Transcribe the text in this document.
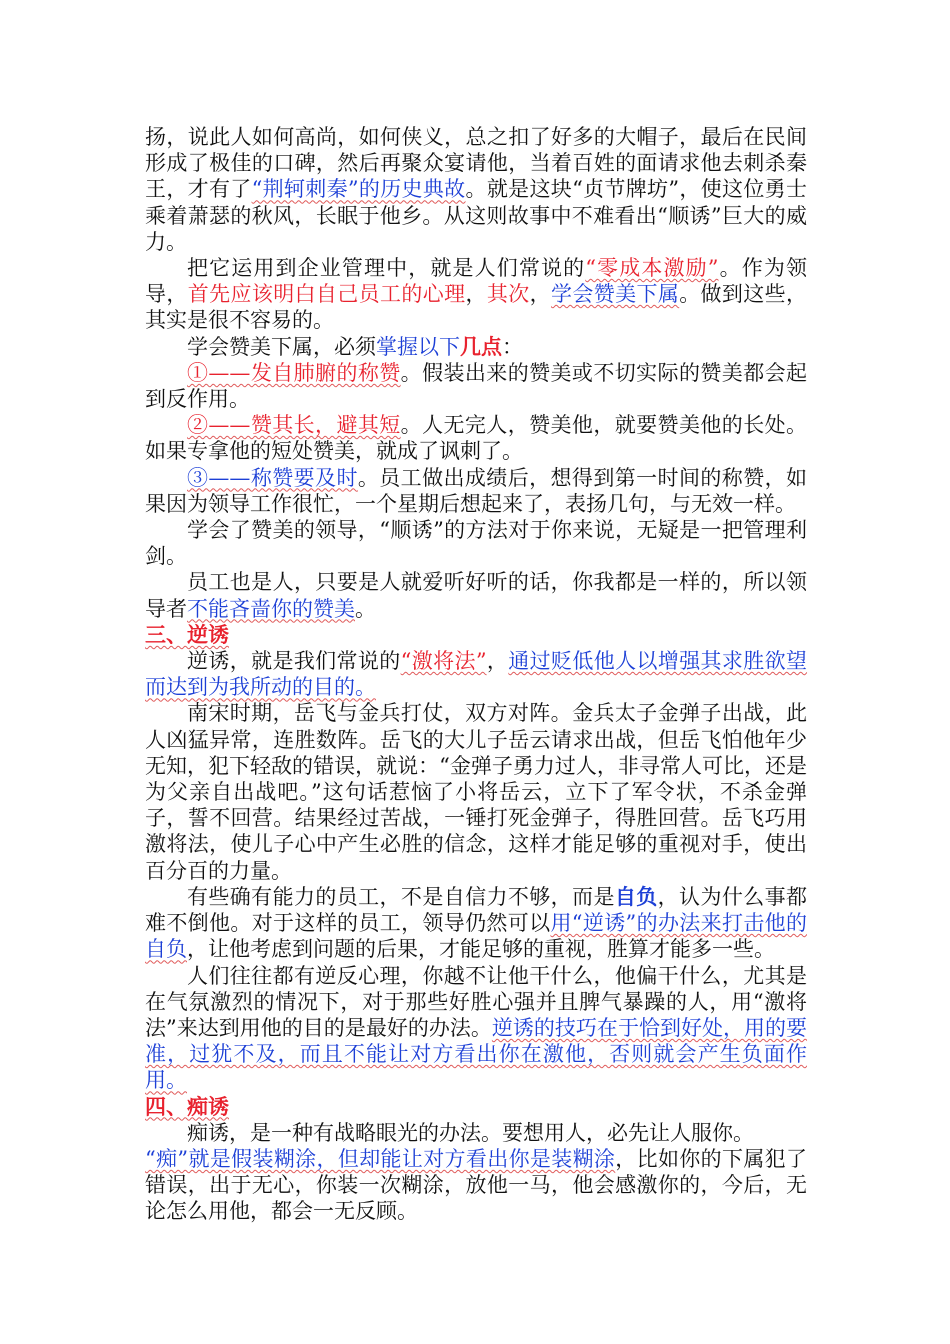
扬，说此人如何高尚，如何侠义，总之扣了好多的大帽子，最后在民间形成了极佳的口碑，然后再聚众宴请他，当着百姓的面请求他去刺杀秦王，才有了“荆轲刺秦”的历史典故。就是这块“贞节牌坊”，使这位勇士乘着萧瑟的秋风，长眠于他乡。从这则故事中不难看出“顺诱”巨大的威力。

把它运用到企业管理中，就是人们常说的“零成本激励”。作为领导，首先应该明白自己员工的心理，其次，学会赞美下属。做到这些，其实是很不容易的。

学会赞美下属，必须掌握以下几点：

①——发自肺腑的称赞。假装出来的赞美或不切实际的赞美都会起到反作用。

②——赞其长，避其短。人无完人，赞美他，就要赞美他的长处。如果专拿他的短处赞美，就成了讽刺了。

③——称赞要及时。员工做出成绩后，想得到第一时间的称赞，如果因为领导工作很忙，一个星期后想起来了，表扬几句，与无效一样。

学会了赞美的领导，“顺诱”的方法对于你来说，无疑是一把管理利剑。

员工也是人，只要是人就爱听好听的话，你我都是一样的，所以领导者不能吝啬你的赞美。

三、逆诱

逆诱，就是我们常说的“激将法”，通过贬低他人以增强其求胜欲望而达到为我所动的目的。

南宋时期，岳飞与金兵打仗，双方对阵。金兵太子金弹子出战，此人凶猛异常，连胜数阵。岳飞的大儿子岳云请求出战，但岳飞怕他年少无知，犯下轻敌的错误，就说：“金弹子勇力过人，非寻常人可比，还是为父亲自出战吧。”这句话惹恼了小将岳云，立下了军令状，不杀金弹子，誓不回营。结果经过苦战，一锤打死金弹子，得胜回营。岳飞巧用激将法，使儿子心中产生必胜的信念，这样才能足够的重视对手，使出百分百的力量。

有些确有能力的员工，不是自信力不够，而是自负，认为什么事都难不倒他。对于这样的员工，领导仍然可以用“逆诱”的办法来打击他的自负，让他考虑到问题的后果，才能足够的重视，胜算才能多一些。

人们往往都有逆反心理，你越不让他干什么，他偏干什么，尤其是在气氛激烈的情况下，对于那些好胜心强并且脾气暴躁的人，用“激将法”来达到用他的目的是最好的办法。逆诱的技巧在于恰到好处，用的要准，过犹不及，而且不能让对方看出你在激他，否则就会产生负面作用。

四、痴诱

痴诱，是一种有战略眼光的办法。要想用人，必先让人服你。

“痴”就是假装糊涂，但却能让对方看出你是装糊涂，比如你的下属犯了错误，出于无心，你装一次糊涂，放他一马，他会感激你的，今后，无论怎么用他，都会一无反顾。
